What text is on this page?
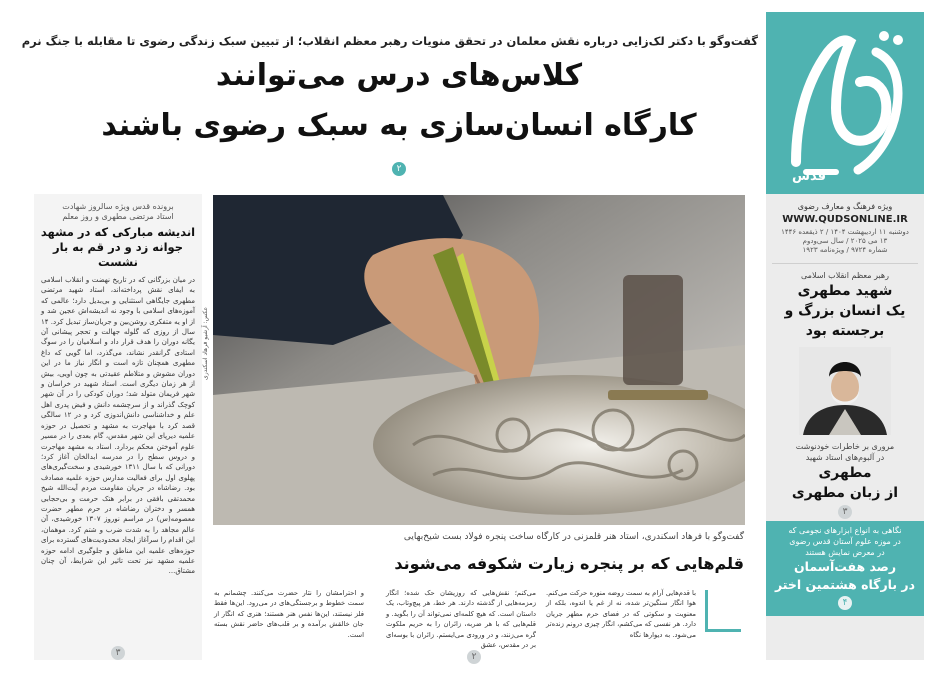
قدس
ویژه فرهنگ و معارف رضوی
WWW.QUDSONLINE.IR
دوشنبه ۱۱ اردیبهشت ۱۴۰۴ / ۲ ذیقعده ۱۴۴۶
۱۳ می ۲۰۲۵ / سال سی‌ودوم
شماره ۹۷۲۴ / ویژه‌نامه ۱۹۲۳
رهبر معظم انقلاب اسلامی
شهید مطهری
یک انسان بزرگ و
برجسته بود
مروری بر خاطرات خودنوشت
در آلبوم‌های استاد شهید
مطهری
از زبان مطهری
۳
نگاهی به انواع ابزارهای نجومی که
در موزه علوم آستان قدس رضوی
در معرض نمایش هستند
رصد هفت‌آسمان
در بارگاه هشتمین اختر
۴
گفت‌وگو با دکتر لک‌زایی درباره نقش معلمان در تحقق منویات رهبر معظم انقلاب؛ از تبیین سبک زندگی رضوی تا مقابله با جنگ نرم
کلاس‌های درس می‌توانند
کارگاه انسان‌سازی به سبک رضوی باشند
۲
برونده قدس ویژه سالروز شهادت
استاد مرتضی مطهری و روز معلم
اندیشه مبارکی که در مشهد
جوانه زد و در قم به بار نشست
در میان بزرگانی که در تاریخ نهضت و انقلاب اسلامی به ایفای نقش پرداخته‌اند، استاد شهید مرتضی مطهری جایگاهی استثنایی و بی‌بدیل دارد؛ عالمی که آموزه‌های اسلامی با وجود نه اندیشه‌اش عجین شد و از او یه متفکری روشن‌بین و جریان‌ساز تبدیل کرد. ۱۴ سال از روزی که گلوله جهالت و تحجر پیشانی آن یگانه دوران را هدف قرار داد و اسلامیان را در سوگ استادی گرانقدر نشاند، می‌گذرد، اما گویی که داغ مطهری همچنان تازه است و انگار نیاز ما در این دوران مشوش و متلاطم عقیدتی به چون اویی، بیش از هر زمان دیگری است. استاد شهید در خراسان و شهر فریمان متولد شد؛ دوران کودکی را در آن شهر کوچک گذراند و از سرچشمه دانش و فیض پدری اهل علم و خداشناسی دانش‌اندوزی کرد و در ۱۲ سالگی قصد کرد با مهاجرت به مشهد و تحصیل در حوزه علمیه دیرپای این شهر مقدس، گام بعدی را در مسیر علوم آموختن محکم بردارد. استاد به مشهد مهاجرت و دروس سطح را در مدرسه ابدالخان آغاز کرد؛ دورانی که با سال ۱۳۱۱ خورشیدی و سخت‌گیری‌های پهلوی اول برای فعالیت مدارس حوزه علمیه مصادف بود. رضاشاه در جریان مقاومت مردم آیت‌الله شیخ محمدتقی بافقی در برابر هتک حرمت و بی‌حجابی همسر و دختران رضاشاه در حرم مطهر حضرت معصومه(س) در مراسم نوروز ۱۳۰۷ خورشیدی، آن عالم مجاهد را به شدت ضرب و شتم کرد. موهمان، این اقدام را سرآغاز ایجاد محدودیت‌های گسترده برای حوزه‌های علمیه این مناطق و جلوگیری ادامه حوزه علمیه مشهد نیز تحت تاثیر این شرایط، آن چنان مشتاق...
۳
عکس: آرشیو فرهاد اسکندری
گفت‌وگو با فرهاد اسکندری، استاد هنر قلمزنی در کارگاه ساخت پنجره فولاد بست شیخ‌بهایی
قلم‌هایی که بر پنجره زیارت شکوفه می‌شوند
با قدم‌هایی آرام به سمت روضه منوره حرکت می‌کنم. هوا انگار سنگین‌تر شده، نه از غم یا اندوه، بلکه از معنویت و سکوتی که در فضای حرم مطهر جریان دارد. هر نفسی که می‌کشم، انگار چیزی درونم زنده‌تر می‌شود. به دیوارها نگاه
می‌کنم؛ نقش‌هایی که روزیشان حک شده؛ انگار زمزمه‌هایی از گذشته دارند. هر خط، هر پیچ‌وتاب، یک داستان است. که هیچ کلمه‌ای نمی‌تواند آن را بگوید. و قلم‌هایی که با هر ضربه، زائران را به حریم ملکوت گره می‌زنند، و در ورودی می‌ایستم. زائران با بوسه‌ای بر در مقدس، عشق
و احترامشان را نثار حضرت می‌کنند. چشمانم به سمت خطوط و برجستگی‌های در می‌رود. این‌ها فقط فلز نیستند، این‌ها نفس هنر هستند؛ هنری که انگار از جان خالقش برآمده و بر قلب‌های حاضر نقش بسته است.
۲
